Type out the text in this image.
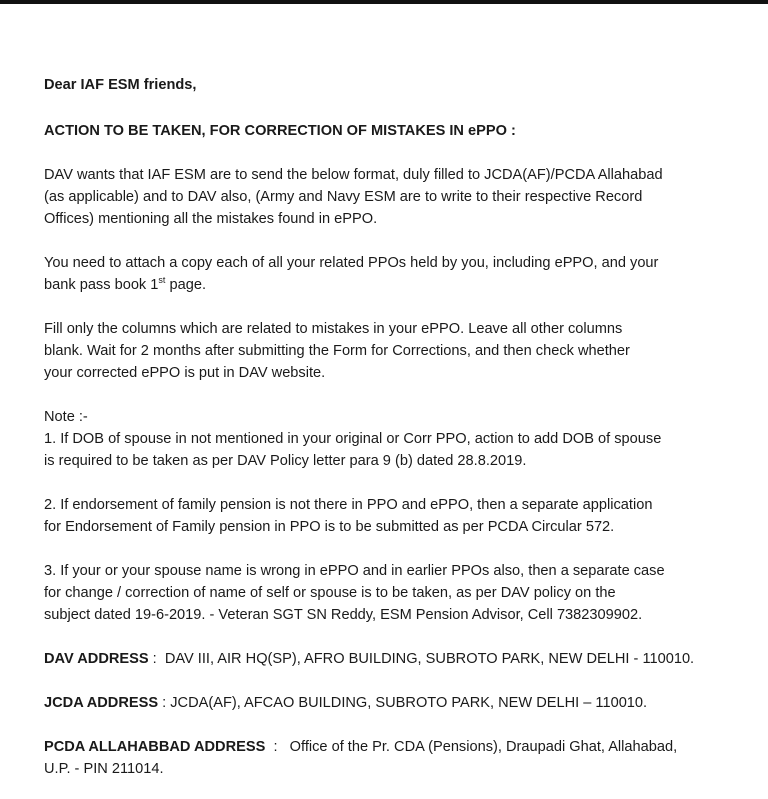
Dear IAF ESM friends,
ACTION TO BE TAKEN, FOR CORRECTION OF MISTAKES IN ePPO :
DAV wants that IAF ESM are to send the below format, duly filled to JCDA(AF)/PCDA Allahabad
(as applicable) and to DAV also, (Army and Navy ESM are to write to their respective Record
Offices) mentioning all the mistakes found in ePPO.
You need to attach a copy each of all your related PPOs held by you, including ePPO, and your
bank pass book 1st page.
Fill only the columns which are related to mistakes in your ePPO. Leave all other columns
blank. Wait for 2 months after submitting the Form for Corrections, and then check whether
your corrected ePPO is put in DAV website.
Note :-
1. If DOB of spouse in not mentioned in your original or Corr PPO, action to add DOB of spouse
is required to be taken as per DAV Policy letter para 9 (b) dated 28.8.2019.
2. If endorsement of family pension is not there in PPO and ePPO, then a separate application
for Endorsement of Family pension in PPO is to be submitted as per PCDA Circular 572.
3. If your or your spouse name is wrong in ePPO and in earlier PPOs also, then a separate case
for change / correction of name of self or spouse is to be taken, as per DAV policy on the
subject dated 19-6-2019. - Veteran SGT SN Reddy, ESM Pension Advisor, Cell 7382309902.
DAV ADDRESS :  DAV III, AIR HQ(SP), AFRO BUILDING, SUBROTO PARK, NEW DELHI - 110010.
JCDA ADDRESS : JCDA(AF), AFCAO BUILDING, SUBROTO PARK, NEW DELHI – 110010.
PCDA ALLAHABBAD ADDRESS  :   Office of the Pr. CDA (Pensions), Draupadi Ghat, Allahabad,
U.P. - PIN 211014.
